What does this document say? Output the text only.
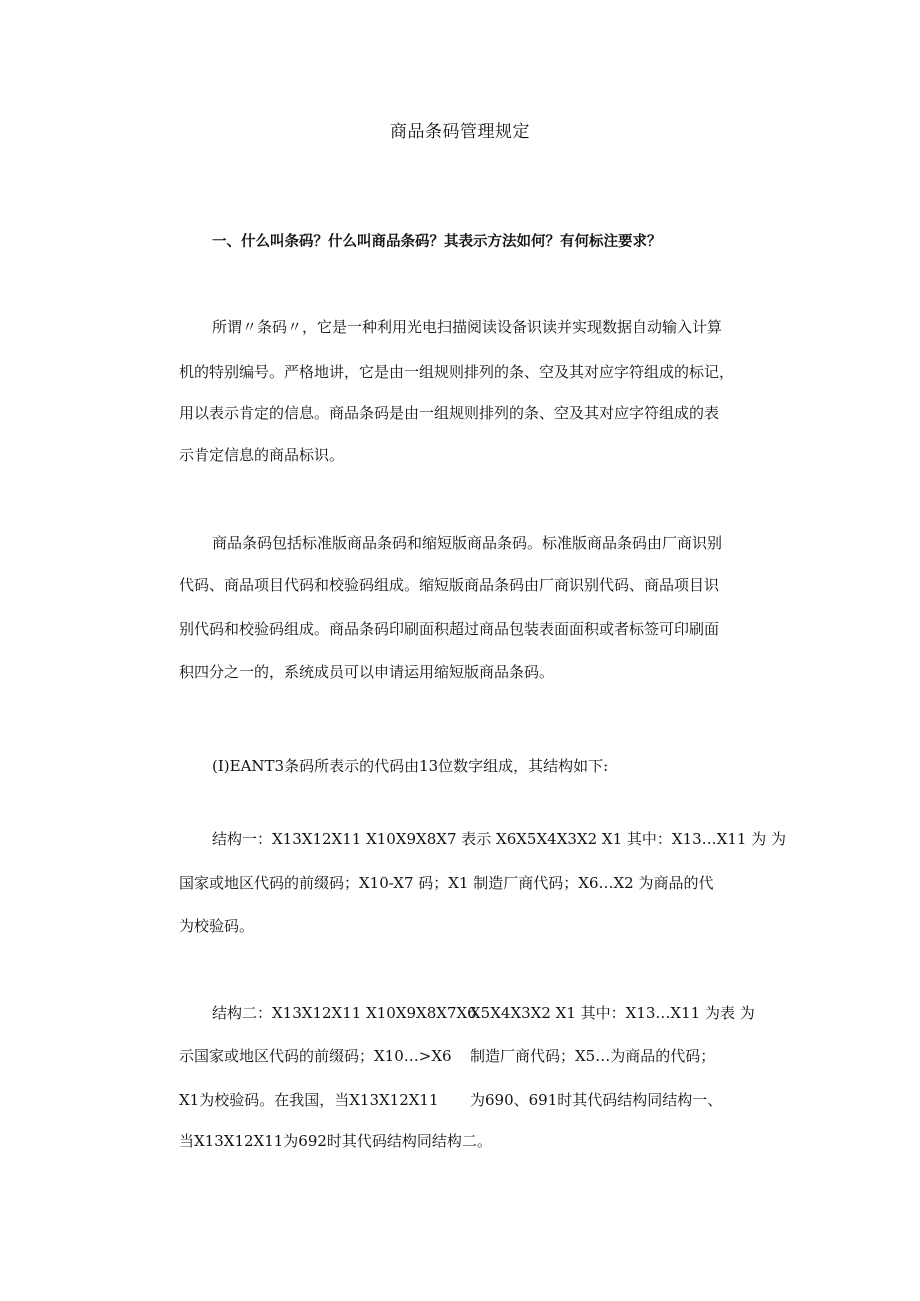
商品条码管理规定
一、什么叫条码？什么叫商品条码？其表示方法如何？有何标注要求？
所谓〃条码〃，它是一种利用光电扫描阅读设备识读并实现数据自动输入计算
机的特别编号。严格地讲，它是由一组规则排列的条、空及其对应字符组成的标记，
用以表示肯定的信息。商品条码是由一组规则排列的条、空及其对应字符组成的表
示肯定信息的商品标识。
商品条码包括标准版商品条码和缩短版商品条码。标准版商品条码由厂商识别
代码、商品项目代码和校验码组成。缩短版商品条码由厂商识别代码、商品项目识
别代码和校验码组成。商品条码印刷面积超过商品包装表面面积或者标签可印刷面
积四分之一的，系统成员可以申请运用缩短版商品条码。
(I)EANT3条码所表示的代码由13位数字组成，其结构如下:
结构一：X13X12X11 X10X9X8X7 表示 X6X5X4X3X2 X1 其中：X13…X11 为 为
国家或地区代码的前缀码；X10-X7 码；X1 制造厂商代码；X6…X2 为商品的代
为校验码。
结构二：X13X12X11 X10X9X8X7X6
X5X4X3X2 X1 其中：X13…X11 为表 为
示国家或地区代码的前缀码；X10…>X6 制造厂商代码；X5…为商品的代码；
X1为校验码。在我国，当X13X12X11 为690、691时其代码结构同结构一、
当X13X12X11为692时其代码结构同结构二。
